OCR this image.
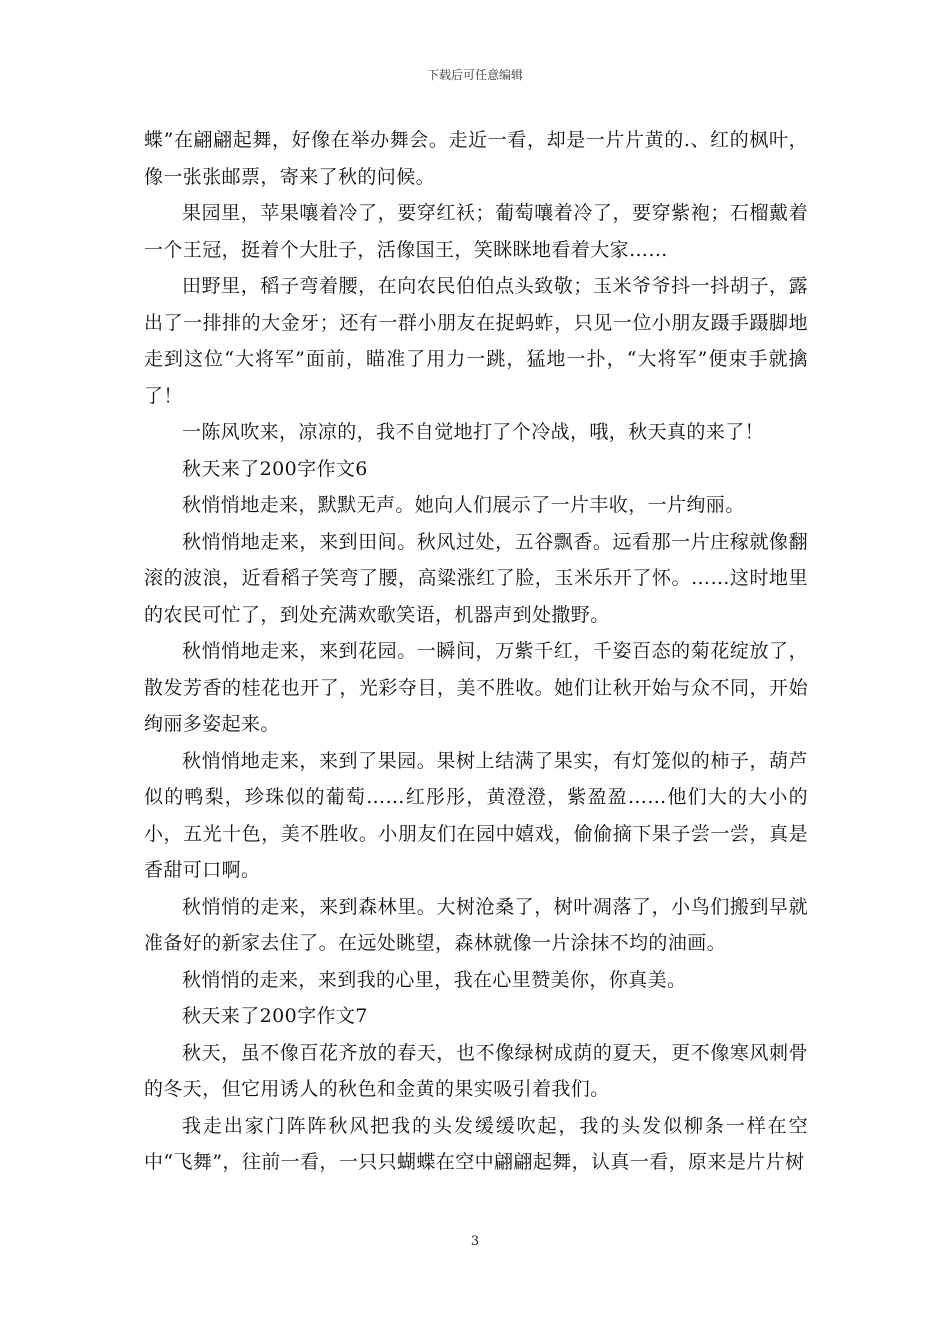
下载后可任意编辑

蝶”在翩翩起舞，好像在举办舞会。走近一看，却是一片片黄的.、红的枫叶，像一张张邮票，寄来了秋的问候。

果园里，苹果嚷着冷了，要穿红袄；葡萄嚷着冷了，要穿紫袍；石榴戴着一个王冠，挺着个大肚子，活像国王，笑眯眯地看着大家……

田野里，稻子弯着腰，在向农民伯伯点头致敬；玉米爷爷抖一抖胡子，露出了一排排的大金牙；还有一群小朋友在捉蚂蚱，只见一位小朋友蹑手蹑脚地走到这位“大将军”面前，瞄准了用力一跳，猛地一扑，“大将军”便束手就擒了！

一陈风吹来，凉凉的，我不自觉地打了个冷战，哦，秋天真的来了！

秋天来了200字作文6

秋悄悄地走来，默默无声。她向人们展示了一片丰收，一片绚丽。

秋悄悄地走来，来到田间。秋风过处，五谷飘香。远看那一片庄稼就像翻滚的波浪，近看稻子笑弯了腰，高粱涨红了脸，玉米乐开了怀。……这时地里的农民可忙了，到处充满欢歌笑语，机器声到处撒野。

秋悄悄地走来，来到花园。一瞬间，万紫千红，千姿百态的菊花绽放了，散发芳香的桂花也开了，光彩夺目，美不胜收。她们让秋开始与众不同，开始绚丽多姿起来。

秋悄悄地走来，来到了果园。果树上结满了果实，有灯笼似的柿子，葫芦似的鸭梨，珍珠似的葡萄……红彤彤，黄澄澄，紫盈盈……他们大的大小的小，五光十色，美不胜收。小朋友们在园中嬉戏，偷偷摘下果子尝一尝，真是香甜可口啊。

秋悄悄的走来，来到森林里。大树沧桑了，树叶凋落了，小鸟们搬到早就准备好的新家去住了。在远处眺望，森林就像一片涂抹不均的油画。

秋悄悄的走来，来到我的心里，我在心里赞美你，你真美。

秋天来了200字作文7

秋天，虽不像百花齐放的春天，也不像绿树成荫的夏天，更不像寒风刺骨的冬天，但它用诱人的秋色和金黄的果实吸引着我们。

我走出家门阵阵秋风把我的头发缓缓吹起，我的头发似柳条一样在空中“飞舞”，往前一看，一只只蝴蝶在空中翩翩起舞，认真一看，原来是片片树

3
